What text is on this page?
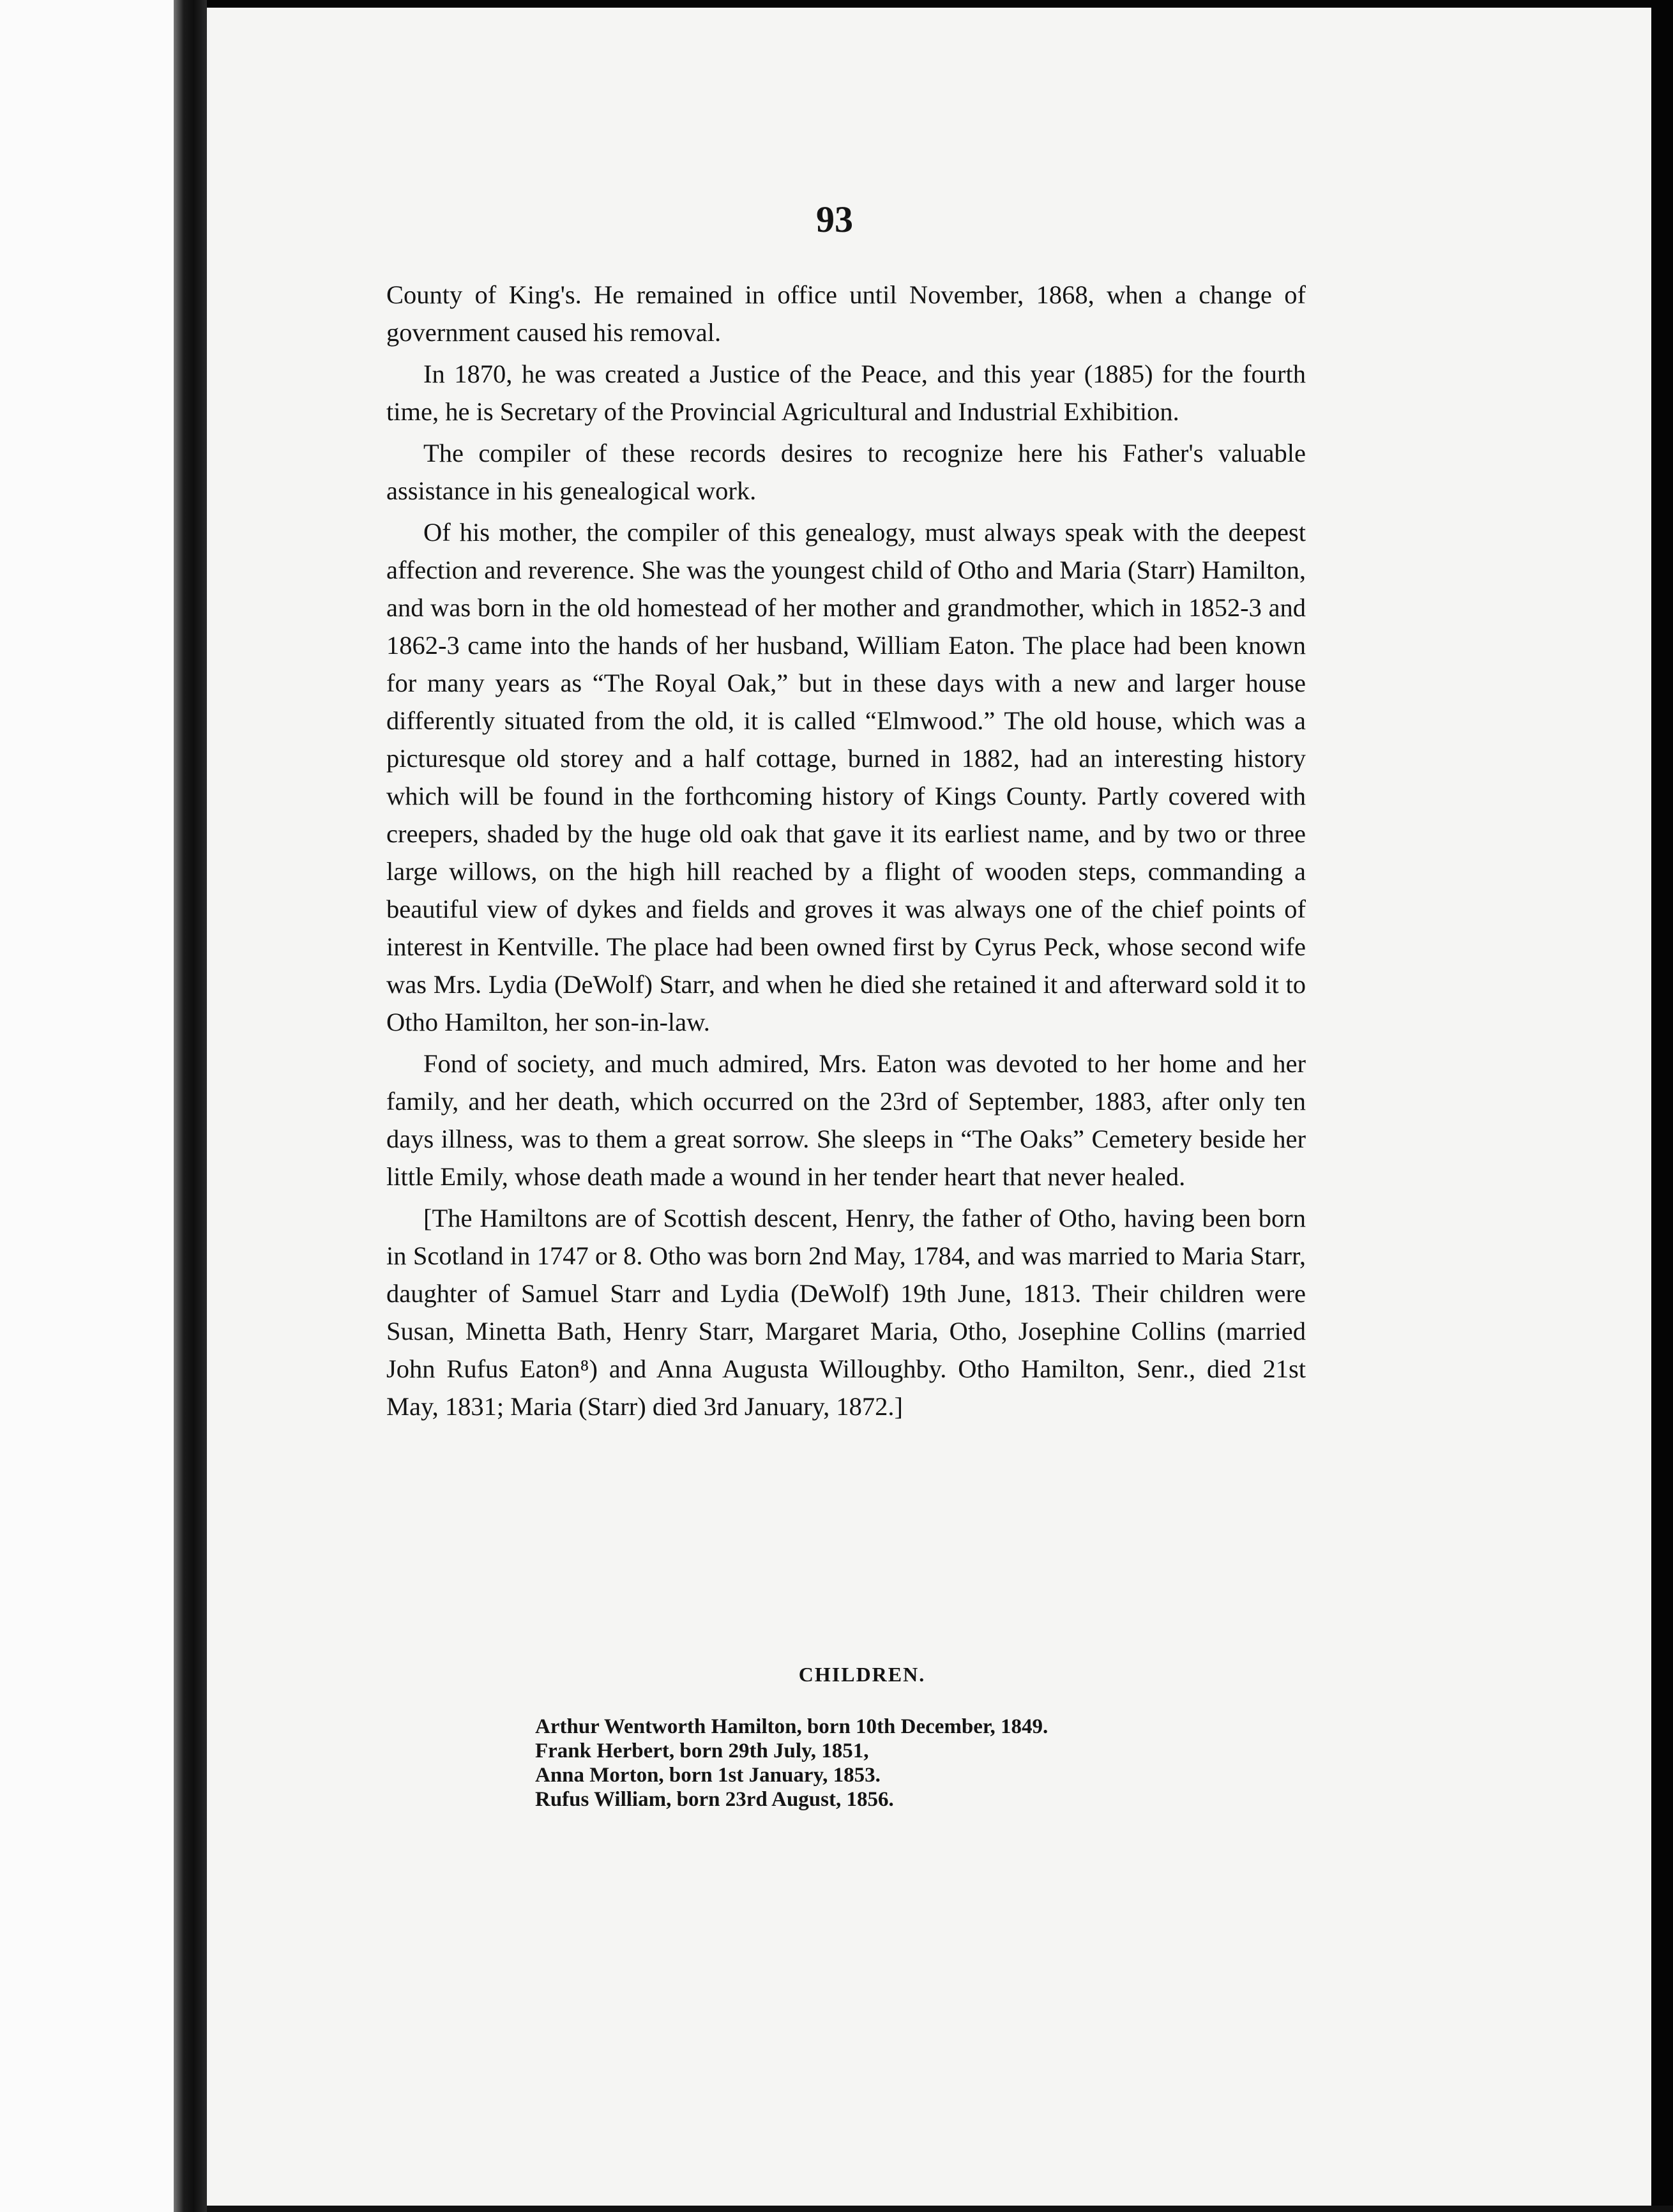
93

County of King's. He remained in office until November, 1868, when a change of government caused his removal.

In 1870, he was created a Justice of the Peace, and this year (1885) for the fourth time, he is Secretary of the Provincial Agricultural and Industrial Exhibition.

The compiler of these records desires to recognize here his Father's valuable assistance in his genealogical work.

Of his mother, the compiler of this genealogy, must always speak with the deepest affection and reverence. She was the youngest child of Otho and Maria (Starr) Hamilton, and was born in the old homestead of her mother and grandmother, which in 1852-3 and 1862-3 came into the hands of her husband, William Eaton. The place had been known for many years as “The Royal Oak,” but in these days with a new and larger house differently situated from the old, it is called “Elmwood.” The old house, which was a picturesque old storey and a half cottage, burned in 1882, had an interesting history which will be found in the forthcoming history of Kings County. Partly covered with creepers, shaded by the huge old oak that gave it its earliest name, and by two or three large willows, on the high hill reached by a flight of wooden steps, commanding a beautiful view of dykes and fields and groves it was always one of the chief points of interest in Kentville. The place had been owned first by Cyrus Peck, whose second wife was Mrs. Lydia (DeWolf) Starr, and when he died she retained it and afterward sold it to Otho Hamilton, her son-in-law.

Fond of society, and much admired, Mrs. Eaton was devoted to her home and her family, and her death, which occurred on the 23rd of September, 1883, after only ten days illness, was to them a great sorrow. She sleeps in “The Oaks” Cemetery beside her little Emily, whose death made a wound in her tender heart that never healed.

[The Hamiltons are of Scottish descent, Henry, the father of Otho, having been born in Scotland in 1747 or 8. Otho was born 2nd May, 1784, and was married to Maria Starr, daughter of Samuel Starr and Lydia (DeWolf) 19th June, 1813. Their children were Susan, Minetta Bath, Henry Starr, Margaret Maria, Otho, Josephine Collins (married John Rufus Eaton⁸) and Anna Augusta Willoughby. Otho Hamilton, Senr., died 21st May, 1831; Maria (Starr) died 3rd January, 1872.]

CHILDREN.
Arthur Wentworth Hamilton, born 10th December, 1849.
Frank Herbert, born 29th July, 1851,
Anna Morton, born 1st January, 1853.
Rufus William, born 23rd August, 1856.
